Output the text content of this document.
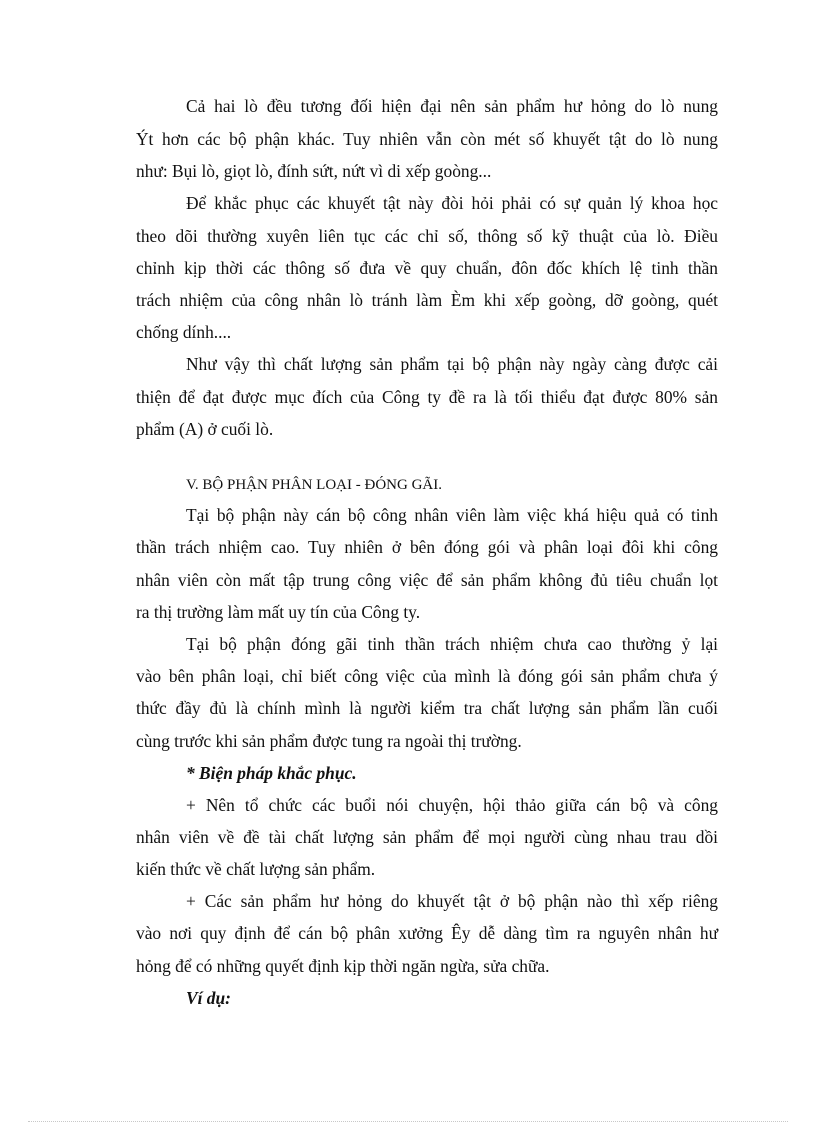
Cả hai lò đều tương đối hiện đại nên sản phẩm hư hỏng do lò nung
Ýt hơn các bộ phận khác. Tuy nhiên vẫn còn mét số khuyết tật do lò nung
như: Bụi lò, giọt lò, đính sứt, nứt vì di xếp goòng...
Để khắc phục các khuyết tật này đòi hỏi phải có sự quản lý khoa học
theo dõi thường xuyên liên tục các chỉ số, thông số kỹ thuật của lò. Điều
chỉnh kịp thời các thông số đưa về quy chuẩn, đôn đốc khích lệ tinh thần
trách nhiệm của công nhân lò tránh làm Èm khi xếp goòng, dỡ goòng, quét
chống dính....
Như vậy thì chất lượng sản phẩm tại bộ phận này ngày càng được cải
thiện để đạt được mục đích của Công ty đề ra là tối thiểu đạt được 80% sản
phẩm (A) ở cuối lò.
V. BỘ PHẬN PHÂN LOẠI - ĐÓNG GÃI.
Tại bộ phận này cán bộ công nhân viên làm việc khá hiệu quả có tinh
thần trách nhiệm cao. Tuy nhiên ở bên đóng gói và phân loại đôi khi công
nhân viên còn mất tập trung công việc để sản phẩm không đủ tiêu chuẩn lọt
ra thị trường làm mất uy tín của Công ty.
Tại bộ phận đóng gãi tinh thần trách nhiệm chưa cao thường ỷ lại
vào bên phân loại, chỉ biết công việc của mình là đóng gói sản phẩm chưa ý
thức đầy đủ là chính mình là người kiểm tra chất lượng sản phẩm lần cuối
cùng trước khi sản phẩm được tung ra ngoài thị trường.
* Biện pháp khắc phục.
+ Nên tổ chức các buổi nói chuyện, hội thảo giữa cán bộ và công
nhân viên về đề tài chất lượng sản phẩm để mọi người cùng nhau trau dồi
kiến thức về chất lượng sản phẩm.
+ Các sản phẩm hư hỏng do khuyết tật ở bộ phận nào thì xếp riêng
vào nơi quy định để cán bộ phân xưởng Êy dễ dàng tìm ra nguyên nhân hư
hỏng để có những quyết định kịp thời ngăn ngừa, sửa chữa.
Ví dụ:
